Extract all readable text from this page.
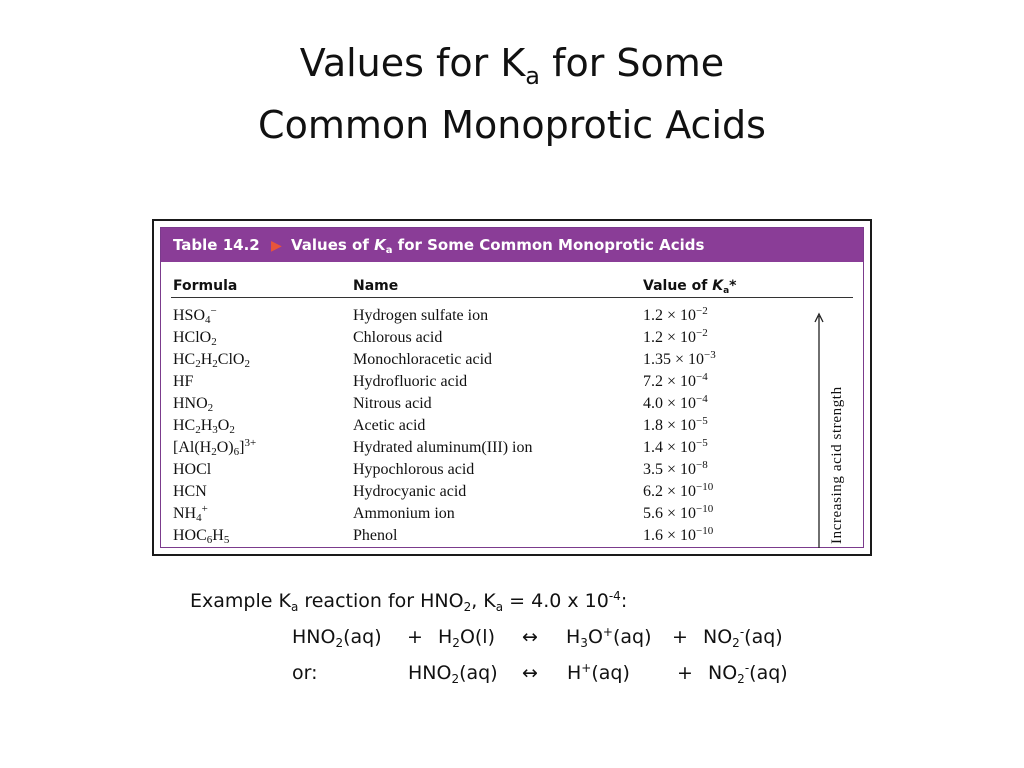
Values for $K_a$ for Some
Common Monoprotic Acids
Table 14.2 ▶ Values of $K_a$ for Some Common Monoprotic Acids
Formula	Name	Value of $K_a*$
$HSO_4^-$	Hydrogen sulfate ion	$1.2 \times 10^{-2}$
HClO$_2$	Chlorous acid	$1.2 \times 10^{-2}$
$HC_2H_2ClO_2$	Monochloracetic acid	$1.35 \times 10^{-3}$
HF	Hydrofluoric acid	$7.2 \times 10^{-4}$
$HNO_2$	Nitrous acid	$4.0 \times 10^{-4}$
$HC_2H_3O_2$	Acetic acid	$1.8 \times 10^{-5}$
$[Al(H_2O)_6]^{3+}$	Hydrated aluminum(III) ion	$1.4 \times 10^{-5}$
HOCl	Hypochlorous acid	$3.5 \times 10^{-8}$
HCN	Hydrocyanic acid	$6.2 \times 10^{-10}$
$NH_4^+$	Ammonium ion	$5.6 \times 10^{-10}$
$HOC_6H_5$	Phenol	$1.6 \times 10^{-10}$	Increasing acid strength
Example $K_a$ reaction for $HNO_2$, $K_a = 4.0$ x $10^{-4}$:
$HNO_2(aq) + H_2O(l)$ ↔ $H_3O^+(aq) + NO_2^-(aq)$
or:	$HNO_2(aq)$ ↔ $H^+(aq) + NO_2^-(aq)$
